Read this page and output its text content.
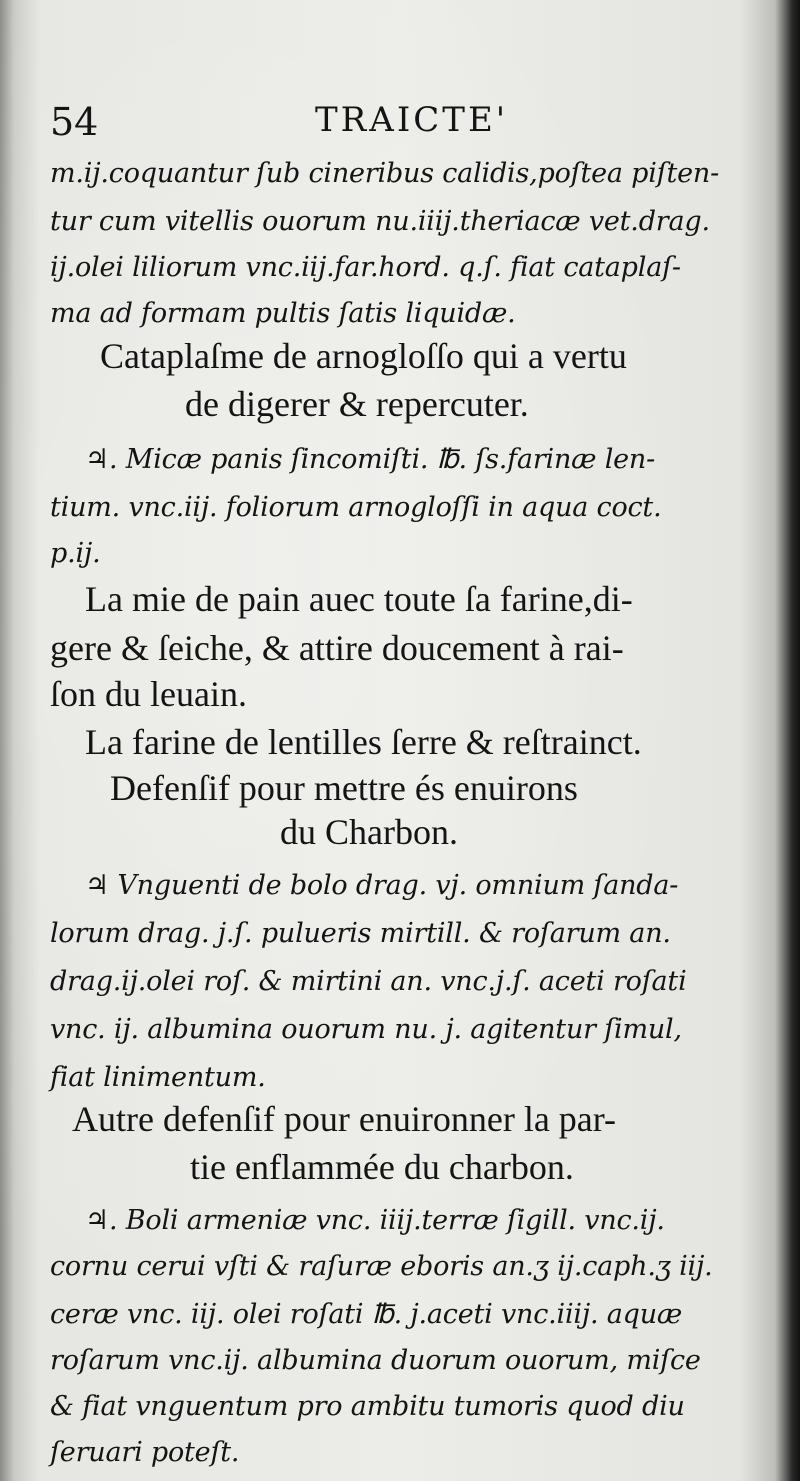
54	TRAICTE'
m.ij.coquantur ſub cineribus calidis,poſtea piſten-
tur cum vitellis ouorum nu.iiij.theriacæ vet.drag.
ij.olei liliorum vnc.iij.far.hord. q.ſ. fiat cataplaſ-
ma ad formam pultis ſatis liquidæ.
Cataplaſme de arnogloſſo qui a vertu
de digerer & repercuter.
♃. Micæ panis ſincomiſti. ℔. ſs.farinæ len-
tium. vnc.iij. foliorum arnogloſſi in aqua coct.
p.ij.
La mie de pain auec toute ſa farine,di-
gere & ſeiche, & attire doucement à rai-
ſon du leuain.
La farine de lentilles ſerre & reſtrainct.
Defenſif pour mettre és enuirons
du Charbon.
♃ Vnguenti de bolo drag. vj. omnium ſanda-
lorum drag. j.ſ. pulueris mirtill. & roſarum an.
drag.ij.olei roſ. & mirtini an. vnc.j.ſ. aceti roſati
vnc. ij. albumina ouorum nu. j. agitentur ſimul,
fiat linimentum.
Autre defenſif pour enuironner la par-
tie enflammée du charbon.
♃. Boli armeniæ vnc. iiij.terræ ſigill. vnc.ij.
cornu cerui vſti & raſuræ eboris an.ʒ ij.caph.ʒ iij.
ceræ vnc. iij. olei roſati ℔. j.aceti vnc.iiij. aquæ
roſarum vnc.ij. albumina duorum ouorum, miſce
& fiat vnguentum pro ambitu tumoris quod diu
ſeruari poteſt.
